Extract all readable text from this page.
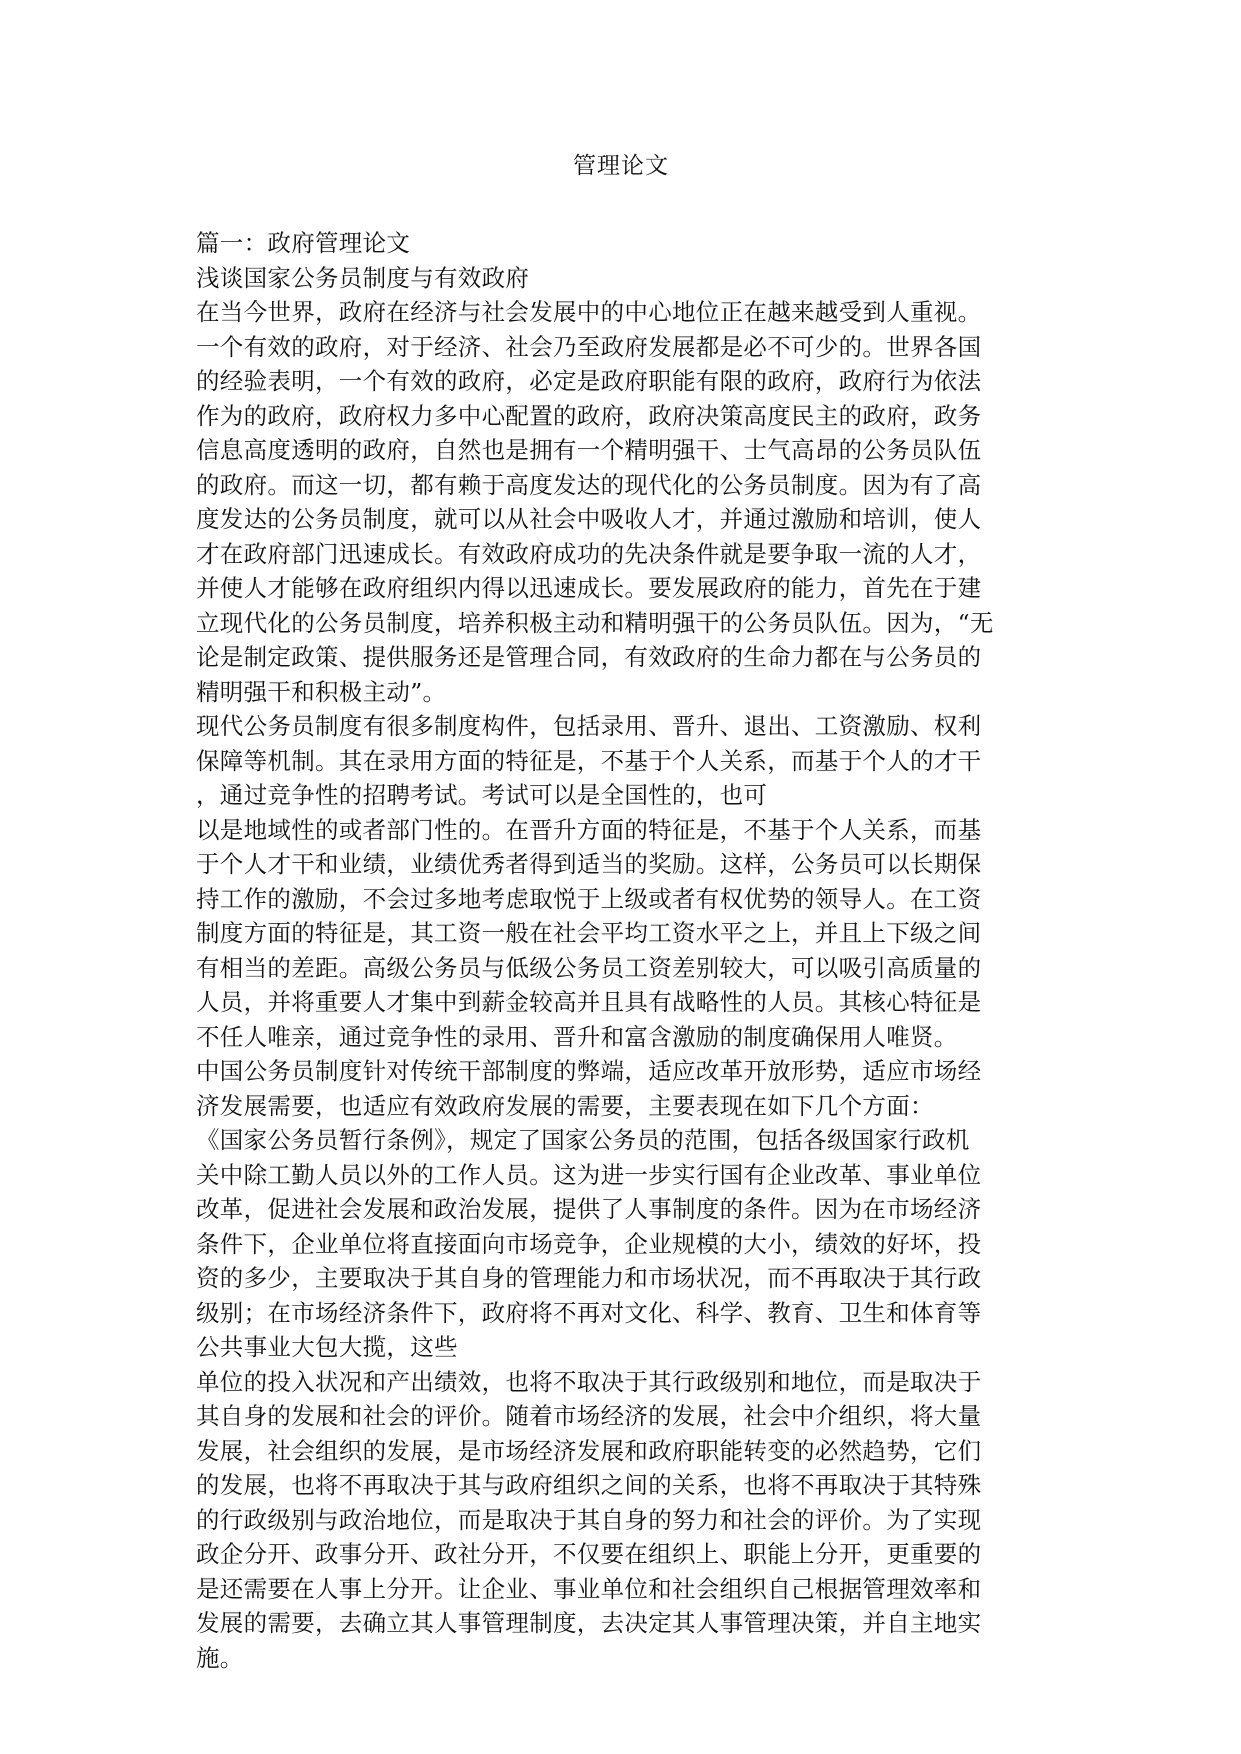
管理论文
篇一：政府管理论文
浅谈国家公务员制度与有效政府
在当今世界，政府在经济与社会发展中的中心地位正在越来越受到人重视。
一个有效的政府，对于经济、社会乃至政府发展都是必不可少的。世界各国
的经验表明，一个有效的政府，必定是政府职能有限的政府，政府行为依法
作为的政府，政府权力多中心配置的政府，政府决策高度民主的政府，政务
信息高度透明的政府，自然也是拥有一个精明强干、士气高昂的公务员队伍
的政府。而这一切，都有赖于高度发达的现代化的公务员制度。因为有了高
度发达的公务员制度，就可以从社会中吸收人才，并通过激励和培训，使人
才在政府部门迅速成长。有效政府成功的先决条件就是要争取一流的人才，
并使人才能够在政府组织内得以迅速成长。要发展政府的能力，首先在于建
立现代化的公务员制度，培养积极主动和精明强干的公务员队伍。因为，“无
论是制定政策、提供服务还是管理合同，有效政府的生命力都在与公务员的
精明强干和积极主动”。
现代公务员制度有很多制度构件，包括录用、晋升、退出、工资激励、权利
保障等机制。其在录用方面的特征是，不基于个人关系，而基于个人的才干
，通过竞争性的招聘考试。考试可以是全国性的，也可
以是地域性的或者部门性的。在晋升方面的特征是，不基于个人关系，而基
于个人才干和业绩，业绩优秀者得到适当的奖励。这样，公务员可以长期保
持工作的激励，不会过多地考虑取悦于上级或者有权优势的领导人。在工资
制度方面的特征是，其工资一般在社会平均工资水平之上，并且上下级之间
有相当的差距。高级公务员与低级公务员工资差别较大，可以吸引高质量的
人员，并将重要人才集中到薪金较高并且具有战略性的人员。其核心特征是
不任人唯亲，通过竞争性的录用、晋升和富含激励的制度确保用人唯贤。
中国公务员制度针对传统干部制度的弊端，适应改革开放形势，适应市场经
济发展需要，也适应有效政府发展的需要，主要表现在如下几个方面：
《国家公务员暂行条例》，规定了国家公务员的范围，包括各级国家行政机
关中除工勤人员以外的工作人员。这为进一步实行国有企业改革、事业单位
改革，促进社会发展和政治发展，提供了人事制度的条件。因为在市场经济
条件下，企业单位将直接面向市场竞争，企业规模的大小，绩效的好坏，投
资的多少，主要取决于其自身的管理能力和市场状况，而不再取决于其行政
级别；在市场经济条件下，政府将不再对文化、科学、教育、卫生和体育等
公共事业大包大揽，这些
单位的投入状况和产出绩效，也将不取决于其行政级别和地位，而是取决于
其自身的发展和社会的评价。随着市场经济的发展，社会中介组织，将大量
发展，社会组织的发展，是市场经济发展和政府职能转变的必然趋势，它们
的发展，也将不再取决于其与政府组织之间的关系，也将不再取决于其特殊
的行政级别与政治地位，而是取决于其自身的努力和社会的评价。为了实现
政企分开、政事分开、政社分开，不仅要在组织上、职能上分开，更重要的
是还需要在人事上分开。让企业、事业单位和社会组织自己根据管理效率和
发展的需要，去确立其人事管理制度，去决定其人事管理决策，并自主地实
施。
